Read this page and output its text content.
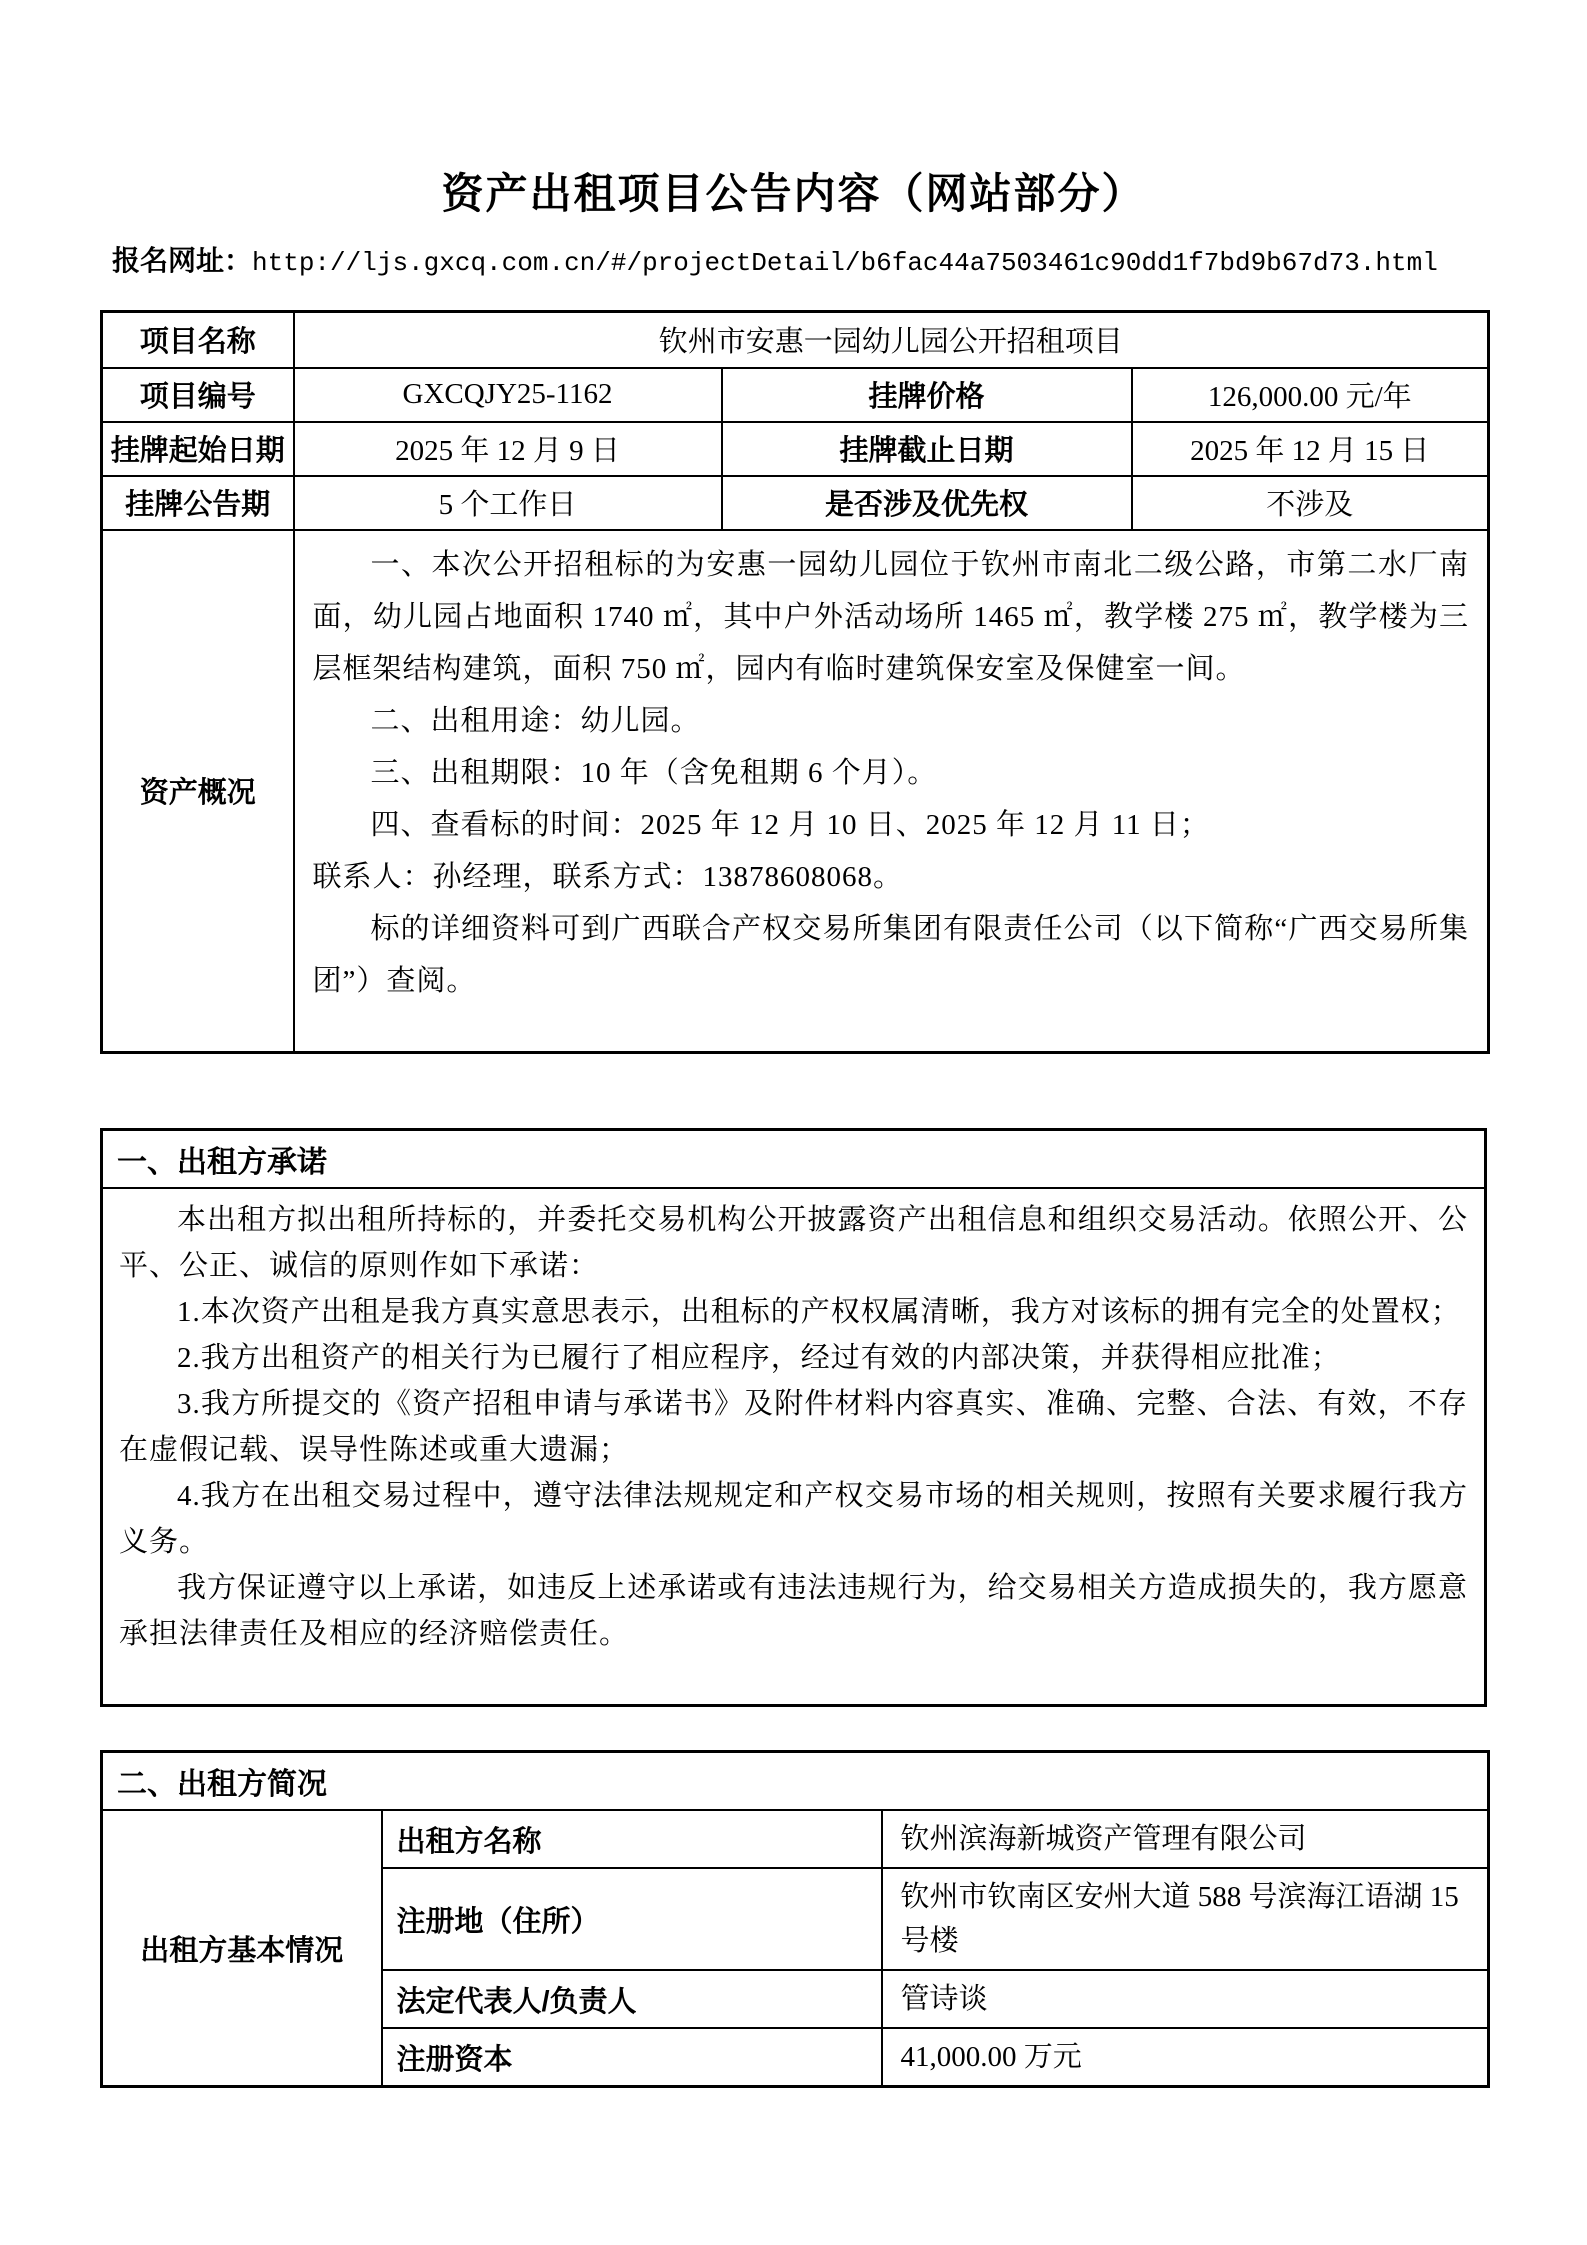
资产出租项目公告内容（网站部分）
报名网址：http://ljs.gxcq.com.cn/#/projectDetail/b6fac44a7503461c90dd1f7bd9b67d73.html
项目名称	钦州市安惠一园幼儿园公开招租项目		
项目编号	GXCQJY25-1162	挂牌价格	126,000.00 元/年
挂牌起始日期	2025 年 12 月 9 日	挂牌截止日期	2025 年 12 月 15 日
挂牌公告期	5 个工作日	是否涉及优先权	不涉及
资产概况	

一、本次公开招租标的为安惠一园幼儿园位于钦州市南北二级公路，市第二水厂南面，幼儿园占地面积 1740 ㎡，其中户外活动场所 1465 ㎡，教学楼 275 ㎡，教学楼为三层框架结构建筑，面积 750 ㎡，园内有临时建筑保安室及保健室一间。

二、出租用途：幼儿园。

三、出租期限：10 年（含免租期 6 个月）。

四、查看标的时间：2025 年 12 月 10 日、2025 年 12 月 11 日；

联系人：孙经理，联系方式：13878608068。

标的详细资料可到广西联合产权交易所集团有限责任公司（以下简称“广西交易所集团”）查阅。

一、出租方承诺

本出租方拟出租所持标的，并委托交易机构公开披露资产出租信息和组织交易活动。依照公开、公平、公正、诚信的原则作如下承诺：

1.本次资产出租是我方真实意思表示，出租标的产权权属清晰，我方对该标的拥有完全的处置权；

2.我方出租资产的相关行为已履行了相应程序，经过有效的内部决策，并获得相应批准；

3.我方所提交的《资产招租申请与承诺书》及附件材料内容真实、准确、完整、合法、有效，不存在虚假记载、误导性陈述或重大遗漏；

4.我方在出租交易过程中，遵守法律法规规定和产权交易市场的相关规则，按照有关要求履行我方义务。

我方保证遵守以上承诺，如违反上述承诺或有违法违规行为，给交易相关方造成损失的，我方愿意承担法律责任及相应的经济赔偿责任。

二、出租方简况		
出租方基本情况	出租方名称	钦州滨海新城资产管理有限公司
	注册地（住所）	钦州市钦南区安州大道 588 号滨海江语湖 15 号楼
	法定代表人/负责人	管诗谈
	注册资本	41,000.00 万元
